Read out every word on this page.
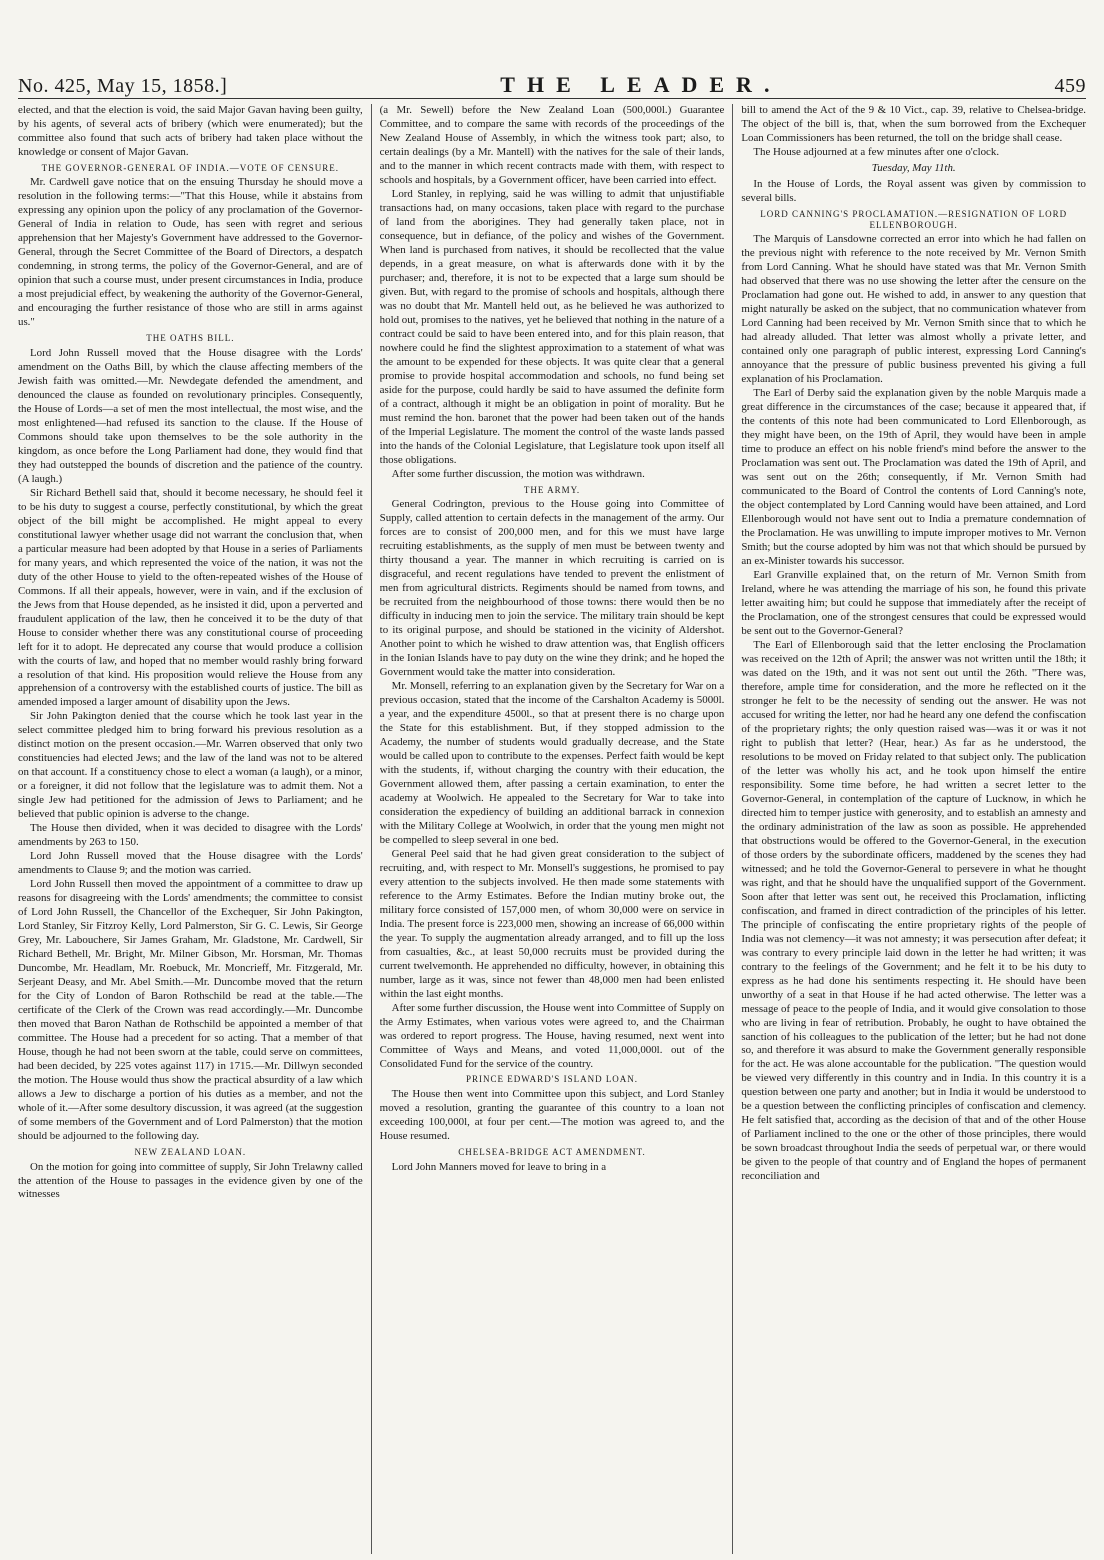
No. 425, May 15, 1858.]	THE LEADER.	459

elected, and that the election is void, the said Major Gavan having been guilty, by his agents, of several acts of bribery (which were enumerated); but the committee also found that such acts of bribery had taken place without the knowledge or consent of Major Gavan.

THE GOVERNOR-GENERAL OF INDIA.—VOTE OF CENSURE.

Mr. Cardwell gave notice that on the ensuing Thursday he should move a resolution in the following terms:—"That this House, while it abstains from expressing any opinion upon the policy of any proclamation of the Governor-General of India in relation to Oude, has seen with regret and serious apprehension that her Majesty's Government have addressed to the Governor-General, through the Secret Committee of the Board of Directors, a despatch condemning, in strong terms, the policy of the Governor-General, and are of opinion that such a course must, under present circumstances in India, produce a most prejudicial effect, by weakening the authority of the Governor-General, and encouraging the further resistance of those who are still in arms against us."

THE OATHS BILL.

Lord John Russell moved that the House disagree with the Lords' amendment on the Oaths Bill, by which the clause affecting members of the Jewish faith was omitted.—Mr. Newdegate defended the amendment, and denounced the clause as founded on revolutionary principles. Consequently, the House of Lords—a set of men the most intellectual, the most wise, and the most enlightened—had refused its sanction to the clause. If the House of Commons should take upon themselves to be the sole authority in the kingdom, as once before the Long Parliament had done, they would find that they had outstepped the bounds of discretion and the patience of the country. (A laugh.)

Sir Richard Bethell said that, should it become necessary, he should feel it to be his duty to suggest a course, perfectly constitutional, by which the great object of the bill might be accomplished. He might appeal to every constitutional lawyer whether usage did not warrant the conclusion that, when a particular measure had been adopted by that House in a series of Parliaments for many years, and which represented the voice of the nation, it was not the duty of the other House to yield to the often-repeated wishes of the House of Commons. If all their appeals, however, were in vain, and if the exclusion of the Jews from that House depended, as he insisted it did, upon a perverted and fraudulent application of the law, then he conceived it to be the duty of that House to consider whether there was any constitutional course of proceeding left for it to adopt. He deprecated any course that would produce a collision with the courts of law, and hoped that no member would rashly bring forward a resolution of that kind. His proposition would relieve the House from any apprehension of a controversy with the established courts of justice. The bill as amended imposed a larger amount of disability upon the Jews.

Sir John Pakington denied that the course which he took last year in the select committee pledged him to bring forward his previous resolution as a distinct motion on the present occasion.—Mr. Warren observed that only two constituencies had elected Jews; and the law of the land was not to be altered on that account. If a constituency chose to elect a woman (a laugh), or a minor, or a foreigner, it did not follow that the legislature was to admit them. Not a single Jew had petitioned for the admission of Jews to Parliament; and he believed that public opinion is adverse to the change.

The House then divided, when it was decided to disagree with the Lords' amendments by 263 to 150.

Lord John Russell moved that the House disagree with the Lords' amendments to Clause 9; and the motion was carried.

Lord John Russell then moved the appointment of a committee to draw up reasons for disagreeing with the Lords' amendments; the committee to consist of Lord John Russell, the Chancellor of the Exchequer, Sir John Pakington, Lord Stanley, Sir Fitzroy Kelly, Lord Palmerston, Sir G. C. Lewis, Sir George Grey, Mr. Labouchere, Sir James Graham, Mr. Gladstone, Mr. Cardwell, Sir Richard Bethell, Mr. Bright, Mr. Milner Gibson, Mr. Horsman, Mr. Thomas Duncombe, Mr. Headlam, Mr. Roebuck, Mr. Moncrieff, Mr. Fitzgerald, Mr. Serjeant Deasy, and Mr. Abel Smith.—Mr. Duncombe moved that the return for the City of London of Baron Rothschild be read at the table.—The certificate of the Clerk of the Crown was read accordingly.—Mr. Duncombe then moved that Baron Nathan de Rothschild be appointed a member of that committee. The House had a precedent for so acting. That a member of that House, though he had not been sworn at the table, could serve on committees, had been decided, by 225 votes against 117) in 1715.—Mr. Dillwyn seconded the motion. The House would thus show the practical absurdity of a law which allows a Jew to discharge a portion of his duties as a member, and not the whole of it.—After some desultory discussion, it was agreed (at the suggestion of some members of the Government and of Lord Palmerston) that the motion should be adjourned to the following day.

NEW ZEALAND LOAN.

On the motion for going into committee of supply, Sir John Trelawny called the attention of the House to passages in the evidence given by one of the witnesses

(a Mr. Sewell) before the New Zealand Loan (500,000l.) Guarantee Committee, and to compare the same with records of the proceedings of the New Zealand House of Assembly, in which the witness took part; also, to certain dealings (by a Mr. Mantell) with the natives for the sale of their lands, and to the manner in which recent contracts made with them, with respect to schools and hospitals, by a Government officer, have been carried into effect.

Lord Stanley, in replying, said he was willing to admit that unjustifiable transactions had, on many occasions, taken place with regard to the purchase of land from the aborigines. They had generally taken place, not in consequence, but in defiance, of the policy and wishes of the Government. When land is purchased from natives, it should be recollected that the value depends, in a great measure, on what is afterwards done with it by the purchaser; and, therefore, it is not to be expected that a large sum should be given. But, with regard to the promise of schools and hospitals, although there was no doubt that Mr. Mantell held out, as he believed he was authorized to hold out, promises to the natives, yet he believed that nothing in the nature of a contract could be said to have been entered into, and for this plain reason, that nowhere could he find the slightest approximation to a statement of what was the amount to be expended for these objects. It was quite clear that a general promise to provide hospital accommodation and schools, no fund being set aside for the purpose, could hardly be said to have assumed the definite form of a contract, although it might be an obligation in point of morality. But he must remind the hon. baronet that the power had been taken out of the hands of the Imperial Legislature. The moment the control of the waste lands passed into the hands of the Colonial Legislature, that Legislature took upon itself all those obligations.

After some further discussion, the motion was withdrawn.

THE ARMY.

General Codrington, previous to the House going into Committee of Supply, called attention to certain defects in the management of the army. Our forces are to consist of 200,000 men, and for this we must have large recruiting establishments, as the supply of men must be between twenty and thirty thousand a year. The manner in which recruiting is carried on is disgraceful, and recent regulations have tended to prevent the enlistment of men from agricultural districts. Regiments should be named from towns, and be recruited from the neighbourhood of those towns: there would then be no difficulty in inducing men to join the service. The military train should be kept to its original purpose, and should be stationed in the vicinity of Aldershot. Another point to which he wished to draw attention was, that English officers in the Ionian Islands have to pay duty on the wine they drink; and he hoped the Government would take the matter into consideration.

Mr. Monsell, referring to an explanation given by the Secretary for War on a previous occasion, stated that the income of the Carshalton Academy is 5000l. a year, and the expenditure 4500l., so that at present there is no charge upon the State for this establishment. But, if they stopped admission to the Academy, the number of students would gradually decrease, and the State would be called upon to contribute to the expenses. Perfect faith would be kept with the students, if, without charging the country with their education, the Government allowed them, after passing a certain examination, to enter the academy at Woolwich. He appealed to the Secretary for War to take into consideration the expediency of building an additional barrack in connexion with the Military College at Woolwich, in order that the young men might not be compelled to sleep several in one bed.

General Peel said that he had given great consideration to the subject of recruiting, and, with respect to Mr. Monsell's suggestions, he promised to pay every attention to the subjects involved. He then made some statements with reference to the Army Estimates. Before the Indian mutiny broke out, the military force consisted of 157,000 men, of whom 30,000 were on service in India. The present force is 223,000 men, showing an increase of 66,000 within the year. To supply the augmentation already arranged, and to fill up the loss from casualties, &c., at least 50,000 recruits must be provided during the current twelvemonth. He apprehended no difficulty, however, in obtaining this number, large as it was, since not fewer than 48,000 men had been enlisted within the last eight months.

After some further discussion, the House went into Committee of Supply on the Army Estimates, when various votes were agreed to, and the Chairman was ordered to report progress. The House, having resumed, next went into Committee of Ways and Means, and voted 11,000,000l. out of the Consolidated Fund for the service of the country.

PRINCE EDWARD'S ISLAND LOAN.

The House then went into Committee upon this subject, and Lord Stanley moved a resolution, granting the guarantee of this country to a loan not exceeding 100,000l, at four per cent.—The motion was agreed to, and the House resumed.

CHELSEA-BRIDGE ACT AMENDMENT.

Lord John Manners moved for leave to bring in a

bill to amend the Act of the 9 & 10 Vict., cap. 39, relative to Chelsea-bridge. The object of the bill is, that, when the sum borrowed from the Exchequer Loan Commissioners has been returned, the toll on the bridge shall cease.

The House adjourned at a few minutes after one o'clock.

Tuesday, May 11th.

In the House of Lords, the Royal assent was given by commission to several bills.

LORD CANNING'S PROCLAMATION.—RESIGNATION OF LORD ELLENBOROUGH.

The Marquis of Lansdowne corrected an error into which he had fallen on the previous night with reference to the note received by Mr. Vernon Smith from Lord Canning. What he should have stated was that Mr. Vernon Smith had observed that there was no use showing the letter after the censure on the Proclamation had gone out. He wished to add, in answer to any question that might naturally be asked on the subject, that no communication whatever from Lord Canning had been received by Mr. Vernon Smith since that to which he had already alluded. That letter was almost wholly a private letter, and contained only one paragraph of public interest, expressing Lord Canning's annoyance that the pressure of public business prevented his giving a full explanation of his Proclamation.

The Earl of Derby said the explanation given by the noble Marquis made a great difference in the circumstances of the case; because it appeared that, if the contents of this note had been communicated to Lord Ellenborough, as they might have been, on the 19th of April, they would have been in ample time to produce an effect on his noble friend's mind before the answer to the Proclamation was sent out. The Proclamation was dated the 19th of April, and was sent out on the 26th; consequently, if Mr. Vernon Smith had communicated to the Board of Control the contents of Lord Canning's note, the object contemplated by Lord Canning would have been attained, and Lord Ellenborough would not have sent out to India a premature condemnation of the Proclamation. He was unwilling to impute improper motives to Mr. Vernon Smith; but the course adopted by him was not that which should be pursued by an ex-Minister towards his successor.

Earl Granville explained that, on the return of Mr. Vernon Smith from Ireland, where he was attending the marriage of his son, he found this private letter awaiting him; but could he suppose that immediately after the receipt of the Proclamation, one of the strongest censures that could be expressed would be sent out to the Governor-General?

The Earl of Ellenborough said that the letter enclosing the Proclamation was received on the 12th of April; the answer was not written until the 18th; it was dated on the 19th, and it was not sent out until the 26th. "There was, therefore, ample time for consideration, and the more he reflected on it the stronger he felt to be the necessity of sending out the answer. He was not accused for writing the letter, nor had he heard any one defend the confiscation of the proprietary rights; the only question raised was—was it or was it not right to publish that letter? (Hear, hear.) As far as he understood, the resolutions to be moved on Friday related to that subject only. The publication of the letter was wholly his act, and he took upon himself the entire responsibility. Some time before, he had written a secret letter to the Governor-General, in contemplation of the capture of Lucknow, in which he directed him to temper justice with generosity, and to establish an amnesty and the ordinary administration of the law as soon as possible. He apprehended that obstructions would be offered to the Governor-General, in the execution of those orders by the subordinate officers, maddened by the scenes they had witnessed; and he told the Governor-General to persevere in what he thought was right, and that he should have the unqualified support of the Government. Soon after that letter was sent out, he received this Proclamation, inflicting confiscation, and framed in direct contradiction of the principles of his letter. The principle of confiscating the entire proprietary rights of the people of India was not clemency—it was not amnesty; it was persecution after defeat; it was contrary to every principle laid down in the letter he had written; it was contrary to the feelings of the Government; and he felt it to be his duty to express as he had done his sentiments respecting it. He should have been unworthy of a seat in that House if he had acted otherwise. The letter was a message of peace to the people of India, and it would give consolation to those who are living in fear of retribution. Probably, he ought to have obtained the sanction of his colleagues to the publication of the letter; but he had not done so, and therefore it was absurd to make the Government generally responsible for the act. He was alone accountable for the publication. "The question would be viewed very differently in this country and in India. In this country it is a question between one party and another; but in India it would be understood to be a question between the conflicting principles of confiscation and clemency. He felt satisfied that, according as the decision of that and of the other House of Parliament inclined to the one or the other of those principles, there would be sown broadcast throughout India the seeds of perpetual war, or there would be given to the people of that country and of England the hopes of permanent reconciliation and
